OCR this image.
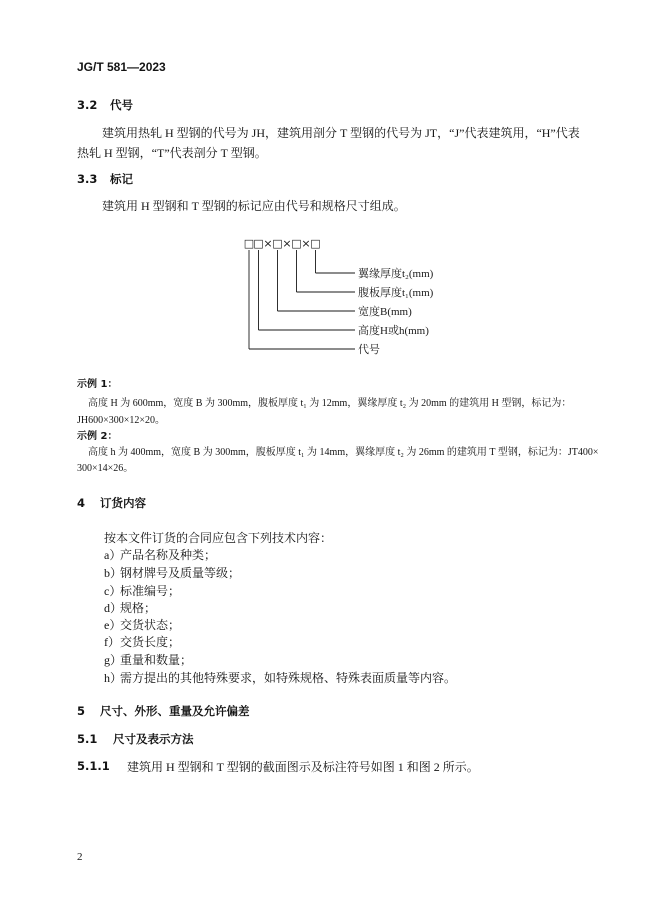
JG/T 581—2023
3.2 代号
建筑用热轧 H 型钢的代号为 JH，建筑用剖分 T 型钢的代号为 JT，“J”代表建筑用，“H”代表
热轧 H 型钢，“T”代表剖分 T 型钢。
3.3 标记
建筑用 H 型钢和 T 型钢的标记应由代号和规格尺寸组成。
□ □ × □ × □ × □
翼缘厚度t₂(mm)
腹板厚度t₁(mm)
宽度B(mm)
高度H或h(mm)
代号
示例 1：
高度 H 为 600mm，宽度 B 为 300mm，腹板厚度 t₁ 为 12mm，翼缘厚度 t₂ 为 20mm 的建筑用 H 型钢，标记为：
JH600×300×12×20。
示例 2：
高度 h 为 400mm，宽度 B 为 300mm，腹板厚度 t₁ 为 14mm，翼缘厚度 t₂ 为 26mm 的建筑用 T 型钢，标记为：JT400×
300×14×26。
4 订货内容
按本文件订货的合同应包含下列技术内容：
a）
产品名称及种类；
b）
钢材牌号及质量等级；
c）
标准编号；
d）
规格；
e）
交货状态；
f） 交货长度；
g）
重量和数量；
h）
需方提出的其他特殊要求，如特殊规格、特殊表面质量等内容。
5 尺寸、外形、重量及允许偏差
5.1 尺寸及表示方法
5.1.1 建筑用 H 型钢和 T 型钢的截面图示及标注符号如图 1 和图 2 所示。
2
